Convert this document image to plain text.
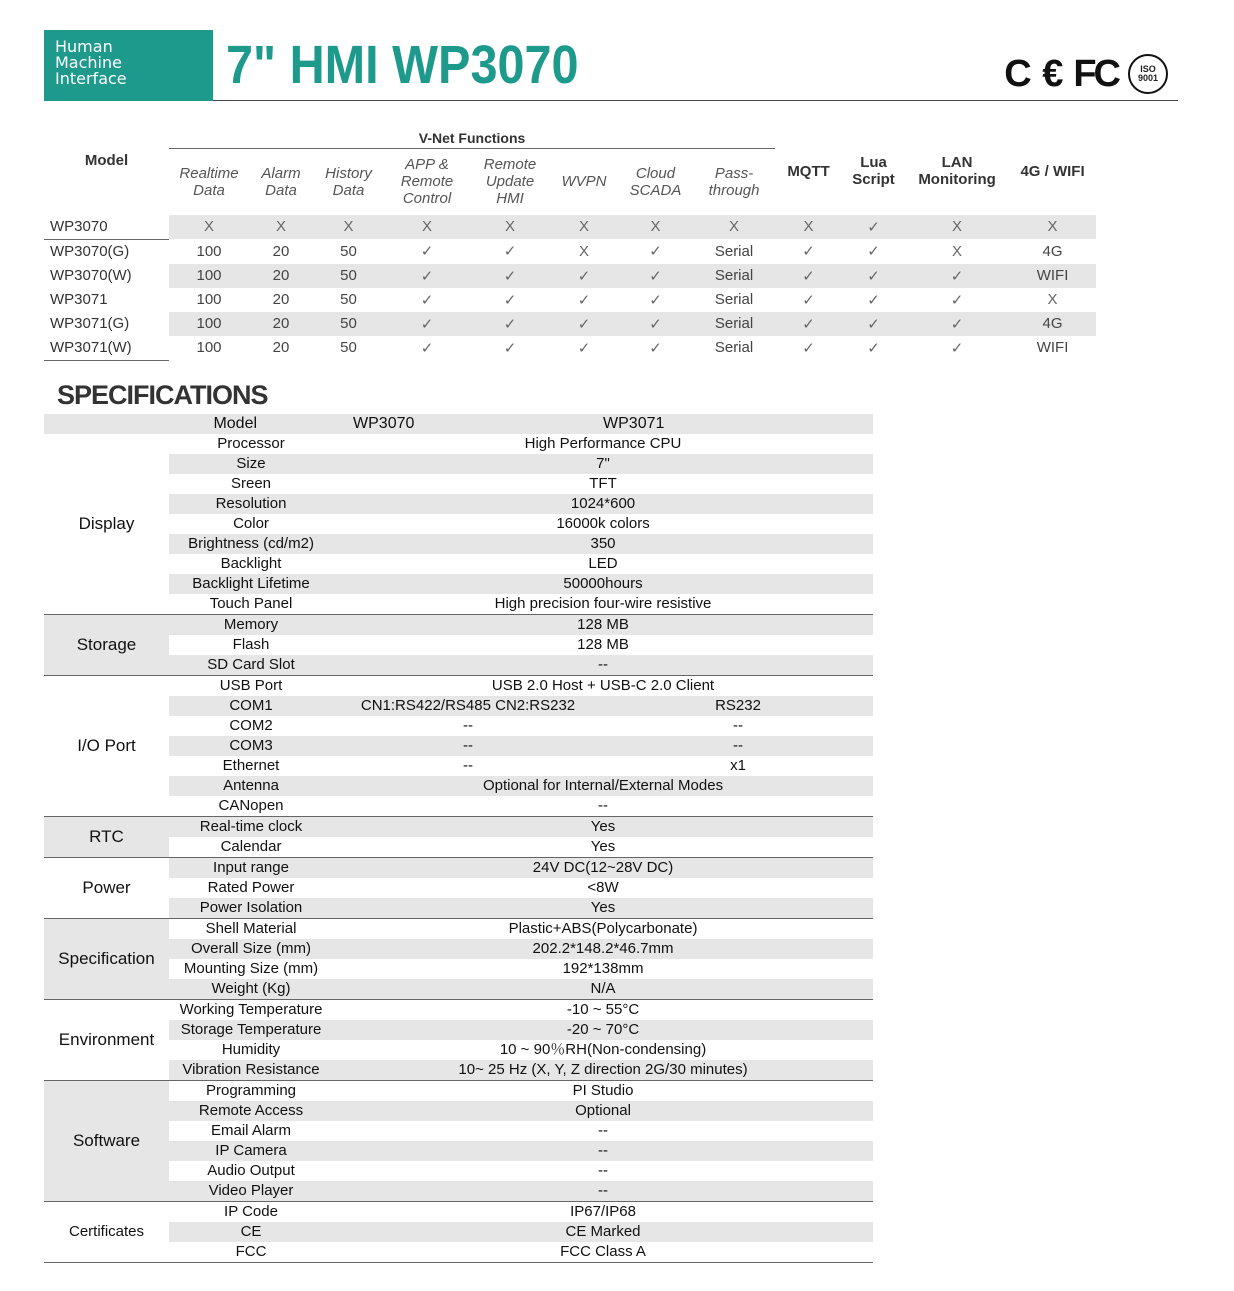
Human
Machine
Interface	7" HMI WP3070	C € FC	ISO 9001
Model	V-Net Functions								MQTT	Lua Script	LAN Monitoring	4G / WIFI
	Realtime Data	Alarm Data	History Data	APP & Remote Control	Remote Update HMI	WVPN	Cloud SCADA	Pass-through				
WP3070	X	X	X	X	X	X	X	X	X	✓	X	X
WP3070(G)	100	20	50	✓	✓	X	✓	Serial	✓	✓	X	4G
WP3070(W)	100	20	50	✓	✓	✓	✓	Serial	✓	✓	✓	WIFI
WP3071	100	20	50	✓	✓	✓	✓	Serial	✓	✓	✓	X
WP3071(G)	100	20	50	✓	✓	✓	✓	Serial	✓	✓	✓	4G
WP3071(W)	100	20	50	✓	✓	✓	✓	Serial	✓	✓	✓	WIFI
SPECIFICATIONS
Model		WP3070	WP3071
Display	Processor	High Performance CPU	
	Size	7"	
	Sreen	TFT	
	Resolution	1024*600	
	Color	16000k colors	
	Brightness (cd/m2)	350	
	Backlight	LED	
	Backlight Lifetime	50000hours	
	Touch Panel	High precision four-wire resistive	
Storage	Memory	128 MB	
	Flash	128 MB	
	SD Card Slot	--	
I/O Port	USB Port	USB 2.0 Host + USB-C 2.0 Client	
	COM1	CN1:RS422/RS485 CN2:RS232	RS232
	COM2	--	--
	COM3	--	--
	Ethernet	--	x1
	Antenna	Optional for Internal/External Modes	
	CANopen	--	
RTC	Real-time clock	Yes	
	Calendar	Yes	
Power	Input range	24V DC(12~28V DC)	
	Rated Power	<8W	
	Power Isolation	Yes	
Specification	Shell Material	Plastic+ABS(Polycarbonate)	
	Overall Size (mm)	202.2*148.2*46.7mm	
	Mounting Size (mm)	192*138mm	
	Weight (Kg)	N/A	
Environment	Working Temperature	-10 ~ 55°C	
	Storage Temperature	-20 ~ 70°C	
	Humidity	10 ~ 90％RH(Non-condensing)	
	Vibration Resistance	10~ 25 Hz (X, Y, Z direction 2G/30 minutes)	
Software	Programming	PI Studio	
	Remote Access	Optional	
	Email Alarm	--	
	IP Camera	--	
	Audio Output	--	
	Video Player	--	
Certificates	IP Code	IP67/IP68	
	CE	CE Marked	
	FCC	FCC Class A	
